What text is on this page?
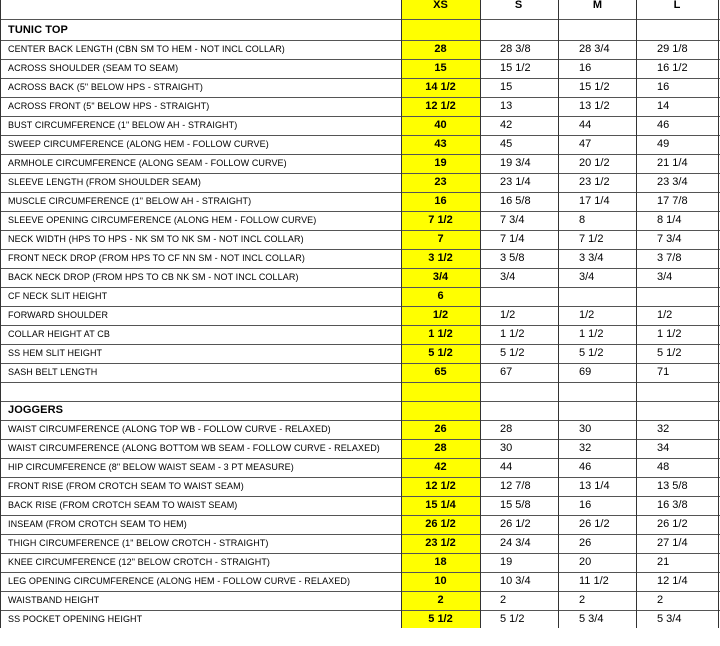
XS	S	M	L
TUNIC TOP
CENTER BACK LENGTH (CBN SM TO HEM - NOT INCL COLLAR)	28	28 3/8	28 3/4	29 1/8
ACROSS SHOULDER (SEAM TO SEAM)	15	15 1/2	16	16 1/2
ACROSS BACK (5" BELOW HPS - STRAIGHT)	14 1/2	15	15 1/2	16
ACROSS FRONT (5" BELOW HPS - STRAIGHT)	12 1/2	13	13 1/2	14
BUST CIRCUMFERENCE (1" BELOW AH - STRAIGHT)	40	42	44	46
SWEEP CIRCUMFERENCE (ALONG HEM - FOLLOW CURVE)	43	45	47	49
ARMHOLE CIRCUMFERENCE (ALONG SEAM - FOLLOW CURVE)	19	19 3/4	20 1/2	21 1/4
SLEEVE LENGTH (FROM SHOULDER SEAM)	23	23 1/4	23 1/2	23 3/4
MUSCLE CIRCUMFERENCE (1" BELOW AH - STRAIGHT)	16	16 5/8	17 1/4	17 7/8
SLEEVE OPENING CIRCUMFERENCE (ALONG HEM - FOLLOW CURVE)	7 1/2	7 3/4	8	8 1/4
NECK WIDTH (HPS TO HPS - NK SM TO NK SM - NOT INCL COLLAR)	7	7 1/4	7 1/2	7 3/4
FRONT NECK DROP (FROM HPS TO CF NN SM - NOT INCL COLLAR)	3 1/2	3 5/8	3 3/4	3 7/8
BACK NECK DROP (FROM HPS TO CB NK SM - NOT INCL COLLAR)	3/4	3/4	3/4	3/4
CF NECK SLIT HEIGHT	6
FORWARD SHOULDER	1/2	1/2	1/2	1/2
COLLAR HEIGHT AT CB	1 1/2	1 1/2	1 1/2	1 1/2
SS HEM SLIT HEIGHT	5 1/2	5 1/2	5 1/2	5 1/2
SASH BELT LENGTH	65	67	69	71
JOGGERS
WAIST CIRCUMFERENCE (ALONG TOP WB - FOLLOW CURVE - RELAXED)	26	28	30	32
WAIST CIRCUMFERENCE (ALONG BOTTOM WB SEAM - FOLLOW CURVE - RELAXED)	28	30	32	34
HIP CIRCUMFERENCE (8" BELOW WAIST SEAM - 3 PT MEASURE)	42	44	46	48
FRONT RISE (FROM CROTCH SEAM TO WAIST SEAM)	12 1/2	12 7/8	13 1/4	13 5/8
BACK RISE (FROM CROTCH SEAM TO WAIST SEAM)	15 1/4	15 5/8	16	16 3/8
INSEAM (FROM CROTCH SEAM TO HEM)	26 1/2	26 1/2	26 1/2	26 1/2
THIGH CIRCUMFERENCE (1" BELOW CROTCH - STRAIGHT)	23 1/2	24 3/4	26	27 1/4
KNEE CIRCUMFERENCE (12" BELOW CROTCH - STRAIGHT)	18	19	20	21
LEG OPENING CIRCUMFERENCE (ALONG HEM - FOLLOW CURVE - RELAXED)	10	10 3/4	11 1/2	12 1/4
WAISTBAND HEIGHT	2	2	2	2
SS POCKET OPENING HEIGHT	5 1/2	5 1/2	5 3/4	5 3/4
